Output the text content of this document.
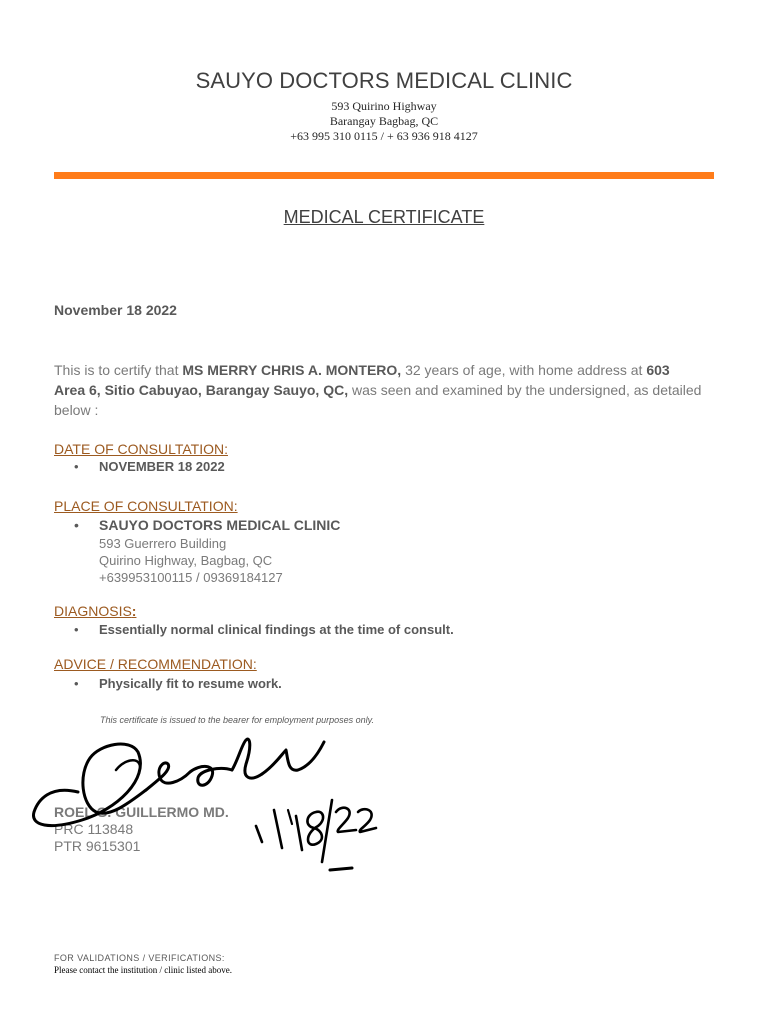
SAUYO DOCTORS MEDICAL CLINIC
593 Quirino Highway
Barangay Bagbag, QC
+63 995 310 0115 / + 63 936 918 4127
MEDICAL CERTIFICATE
November 18 2022
This is to certify that MS MERRY CHRIS A. MONTERO, 32 years of age, with home address at 603 Area 6, Sitio Cabuyao, Barangay Sauyo, QC, was seen and examined by the undersigned, as detailed below :
DATE OF CONSULTATION:
• NOVEMBER 18 2022
PLACE OF CONSULTATION:
• SAUYO DOCTORS MEDICAL CLINIC
593 Guerrero Building
Quirino Highway, Bagbag, QC
+639953100115 / 09369184127
DIAGNOSIS:
• Essentially normal clinical findings at the time of consult.
ADVICE / RECOMMENDATION:
• Physically fit to resume work.
This certificate is issued to the bearer for employment purposes only.
ROEL G. GUILLERMO MD.
PRC 113848
PTR 9615301
FOR VALIDATIONS / VERIFICATIONS:
Please contact the institution / clinic listed above.
